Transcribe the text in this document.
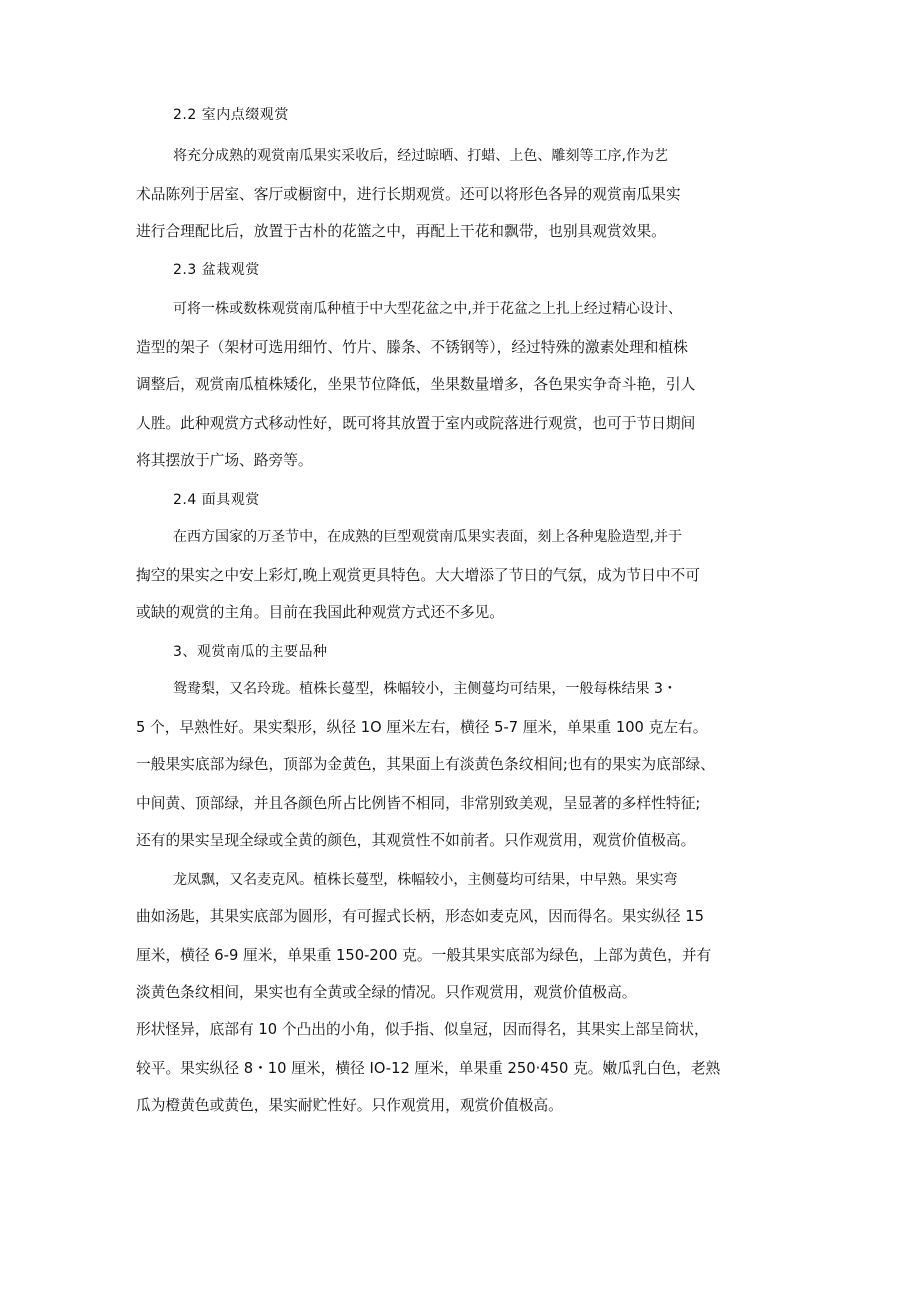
2.2 室内点缀观赏
将充分成熟的观赏南瓜果实采收后，经过晾晒、打蜡、上色、雕刻等工序,作为艺
术品陈列于居室、客厅或橱窗中，进行长期观赏。还可以将形色各异的观赏南瓜果实
进行合理配比后，放置于古朴的花篮之中，再配上干花和飘带，也别具观赏效果。
2.3 盆栽观赏
可将一株或数株观赏南瓜种植于中大型花盆之中,并于花盆之上扎上经过精心设计、
造型的架子（架材可选用细竹、竹片、滕条、不锈钢等），经过特殊的激素处理和植株
调整后，观赏南瓜植株矮化，坐果节位降低，坐果数量增多，各色果实争奇斗艳，引人
人胜。此种观赏方式移动性好，既可将其放置于室内或院落进行观赏，也可于节日期间
将其摆放于广场、路旁等。
2.4 面具观赏
在西方国家的万圣节中，在成熟的巨型观赏南瓜果实表面，刻上各种鬼脸造型,并于
掏空的果实之中安上彩灯,晚上观赏更具特色。大大增添了节日的气氛，成为节日中不可
或缺的观赏的主角。目前在我国此种观赏方式还不多见。
3、观赏南瓜的主要品种
鸳鸯梨，又名玲珑。植株长蔓型，株幅较小，主侧蔓均可结果，一般每株结果 3・
5 个，早熟性好。果实梨形，纵径 1O 厘米左右，横径 5-7 厘米，单果重 100 克左右。
一般果实底部为绿色，顶部为金黄色，其果面上有淡黄色条纹相间;也有的果实为底部绿、
中间黄、顶部绿，并且各颜色所占比例皆不相同，非常别致美观，呈显著的多样性特征;
还有的果实呈现全绿或全黄的颜色，其观赏性不如前者。只作观赏用，观赏价值极高。
龙凤飘，又名麦克风。植株长蔓型，株幅较小，主侧蔓均可结果，中早熟。果实弯
曲如汤匙，其果实底部为圆形，有可握式长柄，形态如麦克风，因而得名。果实纵径 15
厘米，横径 6-9 厘米，单果重 150-200 克。一般其果实底部为绿色，上部为黄色，并有
淡黄色条纹相间，果实也有全黄或全绿的情况。只作观赏用，观赏价值极高。
形状怪异，底部有 10 个凸出的小角，似手指、似皇冠，因而得名，其果实上部呈筒状，
较平。果实纵径 8・10 厘米，横径 IO-12 厘米，单果重 250·450 克。嫩瓜乳白色，老熟
瓜为橙黄色或黄色，果实耐贮性好。只作观赏用，观赏价值极高。
